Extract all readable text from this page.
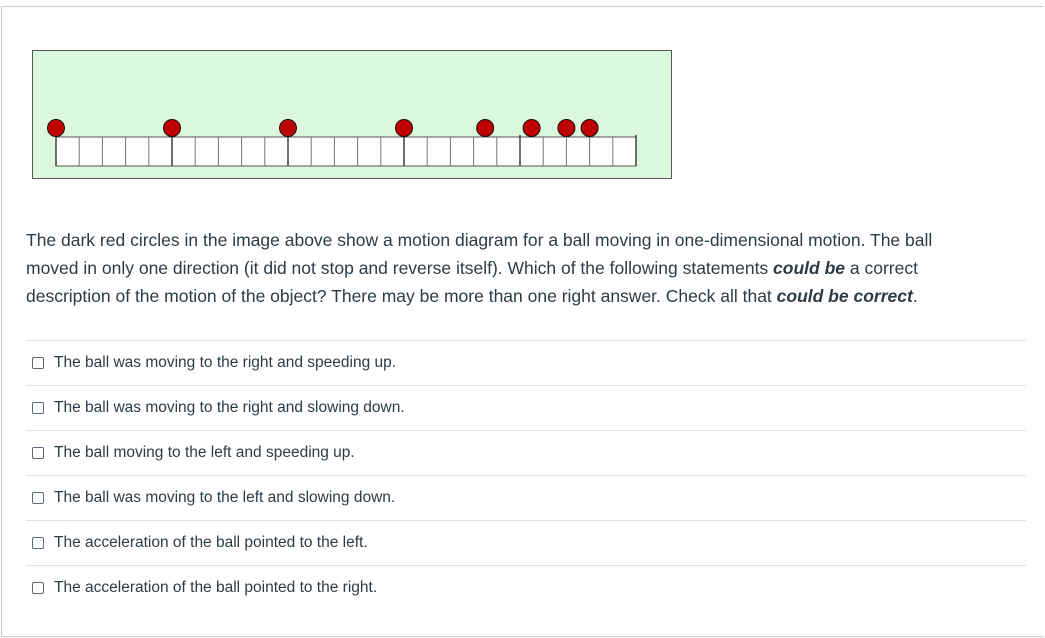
The dark red circles in the image above show a motion diagram for a ball moving in one-dimensional motion. The ball
moved in only one direction (it did not stop and reverse itself). Which of the following statements could be a correct
description of the motion of the object? There may be more than one right answer. Check all that could be correct.

The ball was moving to the right and speeding up.
The ball was moving to the right and slowing down.
The ball moving to the left and speeding up.
The ball was moving to the left and slowing down.
The acceleration of the ball pointed to the left.
The acceleration of the ball pointed to the right.
